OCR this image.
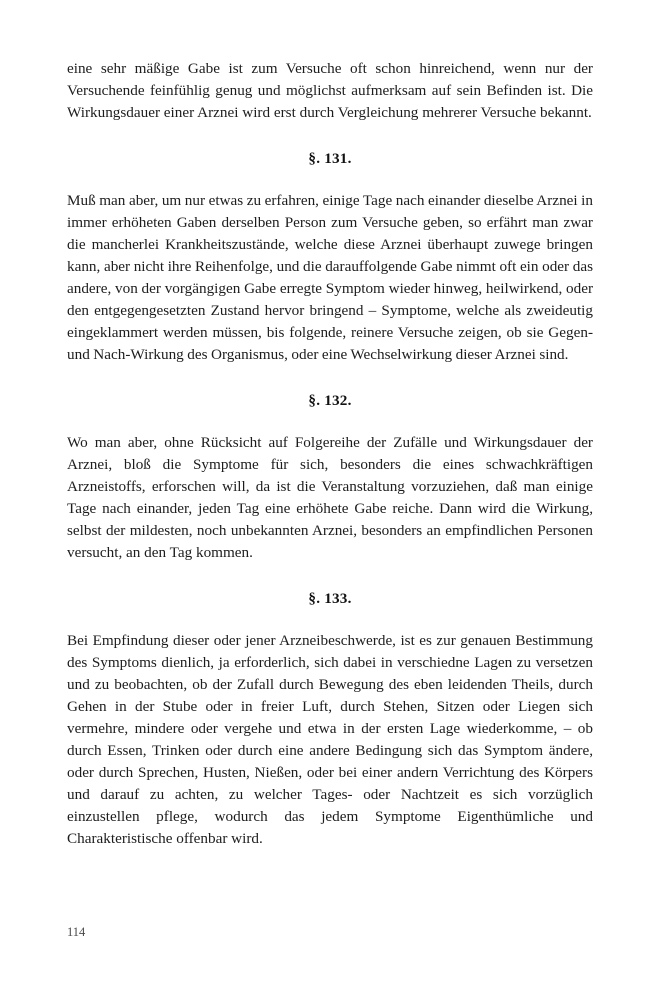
eine sehr mäßige Gabe ist zum Versuche oft schon hinreichend, wenn nur der Versuchende feinfühlig genug und möglichst aufmerksam auf sein Befinden ist. Die Wirkungsdauer einer Arznei wird erst durch Vergleichung mehrerer Versuche bekannt.

§. 131.

Muß man aber, um nur etwas zu erfahren, einige Tage nach einander dieselbe Arznei in immer erhöheten Gaben derselben Person zum Versuche geben, so erfährt man zwar die mancherlei Krankheitszustände, welche diese Arznei überhaupt zuwege bringen kann, aber nicht ihre Reihenfolge, und die darauffolgende Gabe nimmt oft ein oder das andere, von der vorgängigen Gabe erregte Symptom wieder hinweg, heilwirkend, oder den entgegengesetzten Zustand hervor bringend – Symptome, welche als zweideutig eingeklammert werden müssen, bis folgende, reinere Versuche zeigen, ob sie Gegen- und Nach-Wirkung des Organismus, oder eine Wechselwirkung dieser Arznei sind.

§. 132.

Wo man aber, ohne Rücksicht auf Folgereihe der Zufälle und Wirkungsdauer der Arznei, bloß die Symptome für sich, besonders die eines schwachkräftigen Arzneistoffs, erforschen will, da ist die Veranstaltung vorzuziehen, daß man einige Tage nach einander, jeden Tag eine erhöhete Gabe reiche. Dann wird die Wirkung, selbst der mildesten, noch unbekannten Arznei, besonders an empfindlichen Personen versucht, an den Tag kommen.

§. 133.

Bei Empfindung dieser oder jener Arzneibeschwerde, ist es zur genauen Bestimmung des Symptoms dienlich, ja erforderlich, sich dabei in verschiedne Lagen zu versetzen und zu beobachten, ob der Zufall durch Bewegung des eben leidenden Theils, durch Gehen in der Stube oder in freier Luft, durch Stehen, Sitzen oder Liegen sich vermehre, mindere oder vergehe und etwa in der ersten Lage wiederkomme, – ob durch Essen, Trinken oder durch eine andere Bedingung sich das Symptom ändere, oder durch Sprechen, Husten, Nießen, oder bei einer andern Verrichtung des Körpers und darauf zu achten, zu welcher Tages- oder Nachtzeit es sich vorzüglich einzustellen pflege, wodurch das jedem Symptome Eigenthümliche und Charakteristische offenbar wird.

114
